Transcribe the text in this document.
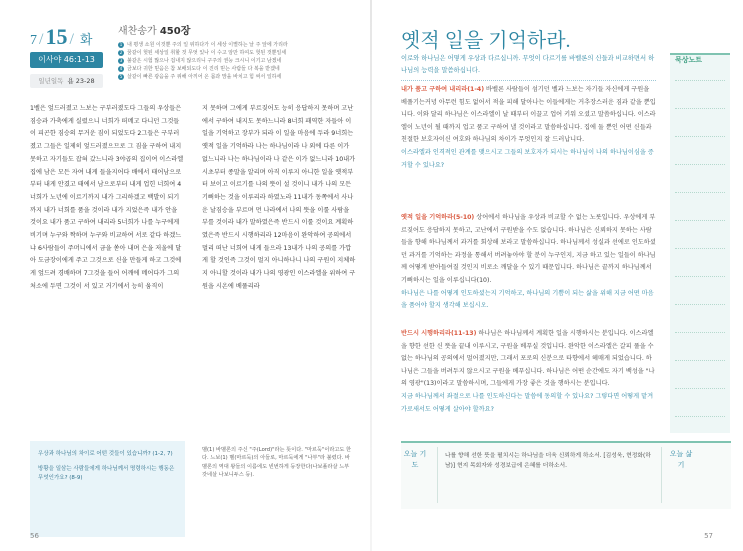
7 /15 / 화
이사야 46:1-13
일년일독 욥 23-28
새찬송가 450장
1 내 평생 소원 이것뿐 주의 일 위하다가 이 세상 이별하는 날 주 앞에 가리라
2 꿈같이 헛된 세상일 취할 것 무엇 있나 이 수고 암만 하여도 헛된 것뿐일세
3 불같은 시험 많으나 겁내지 않으리니 구주의 권능 크시니 이기고 남겠네
4 금보다 귀한 믿음은 참 보배되도다 이 진리 믿는 사람들 다 복을 받겠네
5 살같이 빠른 광음을 주 위해 아끼어 온 몸과 맘을 바치고 힘 써서 일하세
1벨은 엎드러졌고 느보는 구부러졌도다 그들의 우상들은 짐승과 가축에게 실렸으니 너희가 떠메고 다니던 그것들이 피곤한 짐승의 무거운 짐이 되었도다 2그들은 구부러졌고 그들은 일제히 엎드러졌으므로 그 짐을 구하여 내지 못하고 자기들도 잡혀 갔느니라 3야곱의 집이여 이스라엘 집에 남은 모든 자여 내게 들을지어다 배에서 태어남으로부터 내게 안겼고 태에서 남으로부터 내게 업힌 너희여 4너희가 노년에 이르기까지 내가 그리하겠고 백발이 되기까지 내가 너희를 품을 것이라 내가 지었은즉 내가 안을 것이요 내가 품고 구하여 내리라 5너희가 나를 누구에게 비기며 누구와 짝하며 누구와 비교하여 서로 같다 하겠느냐 6사람들이 주머니에서 금을 쏟아 내며 은을 저울에 달아 도금장이에게 주고 그것으로 신을 만들게 하고 그것에게 엎드려 경배하며 7그것을 들어 어깨에 메어다가 그의 처소에 두면 그것이 서 있고 거기에서 능히 움직이
지 못하며 그에게 부르짖어도 능히 응답하지 못하며 고난에서 구하여 내지도 못하느니라 8너희 패역한 자들아 이 일을 기억하고 장부가 되라 이 일을 마음에 두라 9너희는 옛적 일을 기억하라 나는 하나님이라 나 외에 다른 이가 없느니라 나는 하나님이라 나 같은 이가 없느니라 10내가 시초부터 종말을 알리며 아직 이루지 아니한 일을 옛적부터 보이고 이르기를 나의 뜻이 설 것이니 내가 나의 모든 기뻐하는 것을 이루리라 하였노라 11내가 동쪽에서 사나운 날짐승을 부르며 먼 나라에서 나의 뜻을 이룰 사람을 부를 것이라 내가 말하였은즉 반드시 이룰 것이요 계획하였은즉 반드시 시행하리라 12마음이 완악하여 공의에서 멀리 떠난 너희여 내게 들으라 13내가 나의 공의를 가깝게 할 것인즉 그것이 멀지 아니하나니 나의 구원이 지체하지 아니할 것이라 내가 나의 영광인 이스라엘을 위하여 구원을 시온에 베풀리라

우상과 하나님의 차이로 어떤 것들이 있습니까? (1-2, 7)

방황을 일삼는 사람들에게 하나님께서 명령하시는 행동은 무엇인가요? (8-9)

벨(1) 바벨론의 주신 "주(Lord)"라는 뜻이다. "마르둑"이라고도 한다. 느보(1) 벨(마르둑)의 아들로, 마르둑에게 "나부"라 불렸다. 바벨론의 역대 왕들의 이름에도 빈번하게 등장한다(나보폴라살 느부갓네살 나보니두스 등).
56
옛적 일을 기억하라.
이로와 하나님은 어떻게 우상과 다르십니까. 무엇이 다르기를 바벨론의 신들과 비교하면서 하나님의 능력을 말씀하십니다.
내가 품고 구하여 내리라(1-4) 바벨론 사람들이 섬기던 벨과 느보는 자기들 자신에게 구원을 베풀기는커녕 아무런 힘도 없어서 적을 피해 달아나는 이들에게는 거추장스러운 짐과 같을 뿐입니다. 이와 달리 하나님은 이스라엘이 날 때부터 이끌고 업어 키워 오셨고 말씀하십니다. 이스라엘이 노년이 될 때까지 업고 품고 구하여 낼 것이라고 말씀하십니다. 집에 둘 뿐인 어떤 신들과 친절한 보호자이신 여호와 하나님의 차이가 무엇인지 잘 드러납니다.
이스라엘과 인격적인 관계를 맺으시고 그들의 보호자가 되시는 하나님이 나의 하나님이심을 증거할 수 있나요?
옛적 일을 기억하라(5-10) 상어에서 하나님을 우상과 비교할 수 없는 노릇입니다. 우상에게 부르짖어도 응답하지 못하고, 고난에서 구원받을 수도 없습니다. 하나님은 신뢰하지 못하는 사람들을 향해 하나님께서 과거를 회상해 보라고 말씀하십니다. 하나님께서 성실과 선에로 인도하셨던 과거를 기억하는 과정을 통해서 버려놓아야 할 분이 누구인지, 지금 하고 있는 일들이 하나님께 어떻게 받아들여질 것인지 비로소 깨달을 수 있기 때문입니다. 하나님은 끝까지 하나님께서 기뻐하시는 일을 이루십니다(10).
하나님은 나를 어떻게 인도하셨는지 기억하고, 하나님의 기쁨이 되는 삶을 위해 지금 어떤 마음을 품어야 할지 생각해 보십시오.
반드시 시행하리라(11-13) 하나님은 하나님께서 계획한 일을 시행하시는 분입니다. 이스라엘을 향한 선한 신 뜻을 끝내 이루시고, 구원을 베푸실 것입니다. 완악한 이스라엘은 갈피 풀을 수 없는 하나님의 공의에서 멀어졌지만, 그래서 포로의 신분으로 타향에서 헤매게 되었습니다. 하나님은 그들을 버려두지 않으시고 구원을 베푸십니다. 하나님은 어떤 순간에도 자기 백성을 "나의 영광"(13)이라고 말씀하시며, 그들에게 가장 좋은 것을 행하시는 분입니다.
지금 하나님께서 좌절으로 나를 인도하신다는 말씀에 동의할 수 있나요? 그렇다면 어떻게 맡겨 가로새서도 어떻게 살아야 할까요?
묵상노트
오늘 기도
나를 향해 선한 뜻을 펼치시는 하나님을 더욱 신뢰하게 하소서. [김성욱, 현정화(하남)] 현지 목회자와 성경보급에 은혜를 더하소서.
오늘 삶기
57
